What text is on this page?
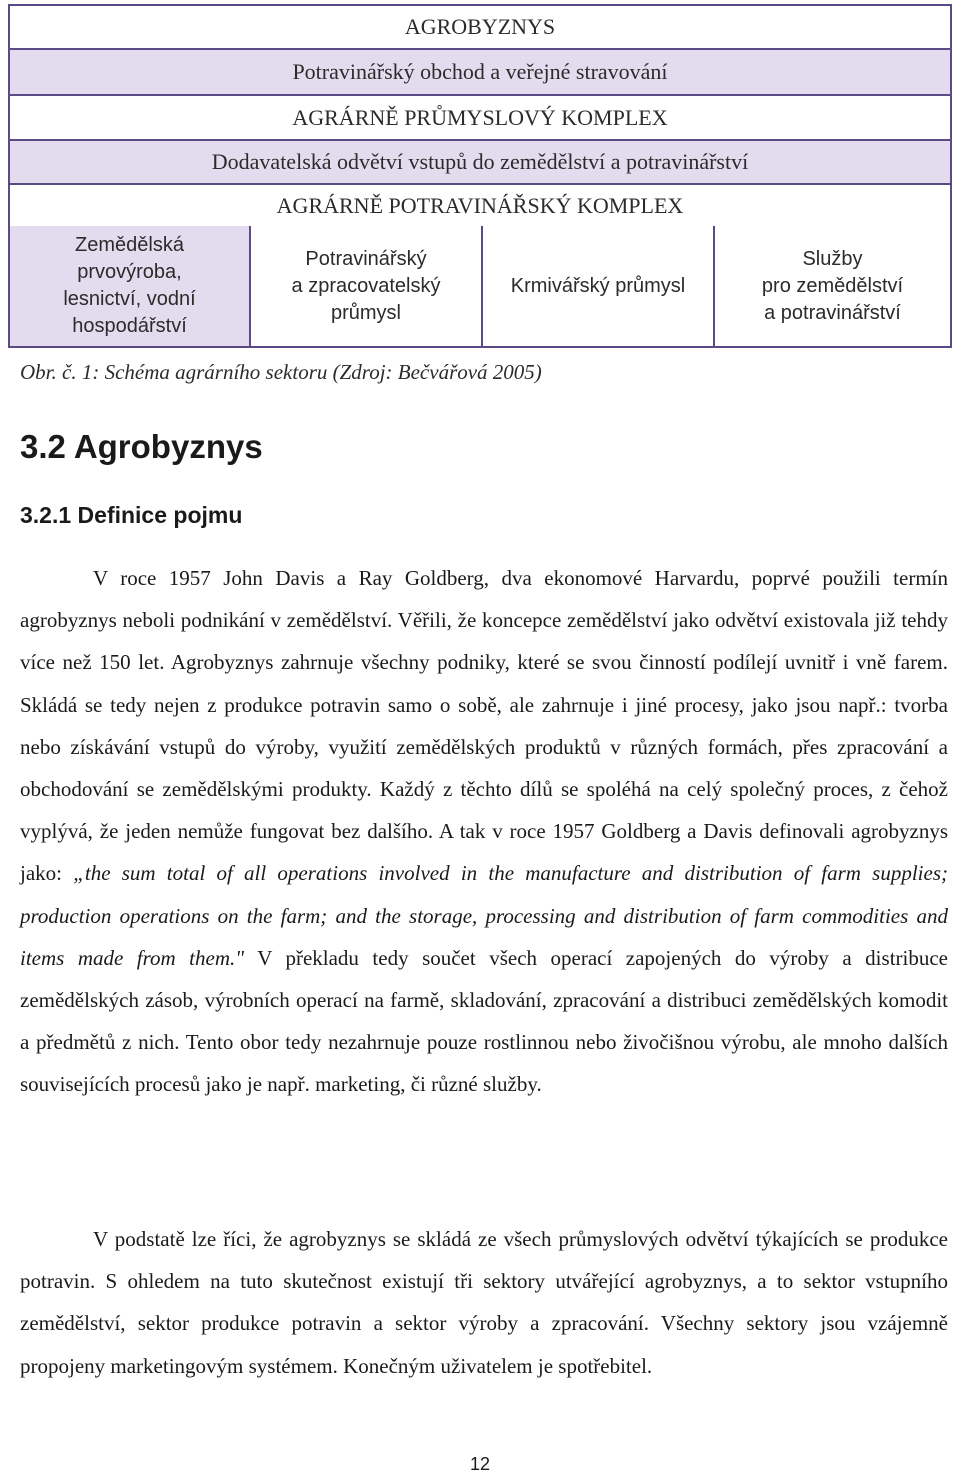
AGROBYZNYS
Potravinářský obchod a veřejné stravování
AGRÁRNĚ PRŮMYSLOVÝ KOMPLEX
Dodavatelská odvětví vstupů do zemědělství a potravinářství
AGRÁRNĚ POTRAVINÁŘSKÝ KOMPLEX
Zemědělská
prvovýroba,
lesnictví, vodní
hospodářství
Potravinářský
a zpracovatelský
průmysl
Krmivářský průmysl
Služby
pro zemědělství
a potravinářství
Obr. č. 1: Schéma agrárního sektoru (Zdroj: Bečvářová 2005)
3.2 Agrobyznys
3.2.1 Definice pojmu

V roce 1957 John Davis a Ray Goldberg, dva ekonomové Harvardu, poprvé použili termín agrobyznys neboli podnikání v zemědělství. Věřili, že koncepce zemědělství jako odvětví existovala již tehdy více než 150 let. Agrobyznys zahrnuje všechny podniky, které se svou činností podílejí uvnitř i vně farem. Skládá se tedy nejen z produkce potravin samo o sobě, ale zahrnuje i jiné procesy, jako jsou např.: tvorba nebo získávání vstupů do výroby, využití zemědělských produktů v různých formách, přes zpracování a obchodování se zemědělskými produkty. Každý z těchto dílů se spoléhá na celý společný proces, z čehož vyplývá, že jeden nemůže fungovat bez dalšího. A tak v roce 1957 Goldberg a Davis definovali agrobyznys jako: „the sum total of all operations involved in the manufacture and distribution of farm supplies; production operations on the farm; and the storage, processing and distribution of farm commodities and items made from them." V překladu tedy součet všech operací zapojených do výroby a distribuce zemědělských zásob, výrobních operací na farmě, skladování, zpracování a distribuci zemědělských komodit a předmětů z nich. Tento obor tedy nezahrnuje pouze rostlinnou nebo živočišnou výrobu, ale mnoho dalších souvisejících procesů jako je např. marketing, či různé služby.

V podstatě lze říci, že agrobyznys se skládá ze všech průmyslových odvětví týkajících se produkce potravin. S ohledem na tuto skutečnost existují tři sektory utvářející agrobyznys, a to sektor vstupního zemědělství, sektor produkce potravin a sektor výroby a zpracování. Všechny sektory jsou vzájemně propojeny marketingovým systémem. Konečným uživatelem je spotřebitel.

12
